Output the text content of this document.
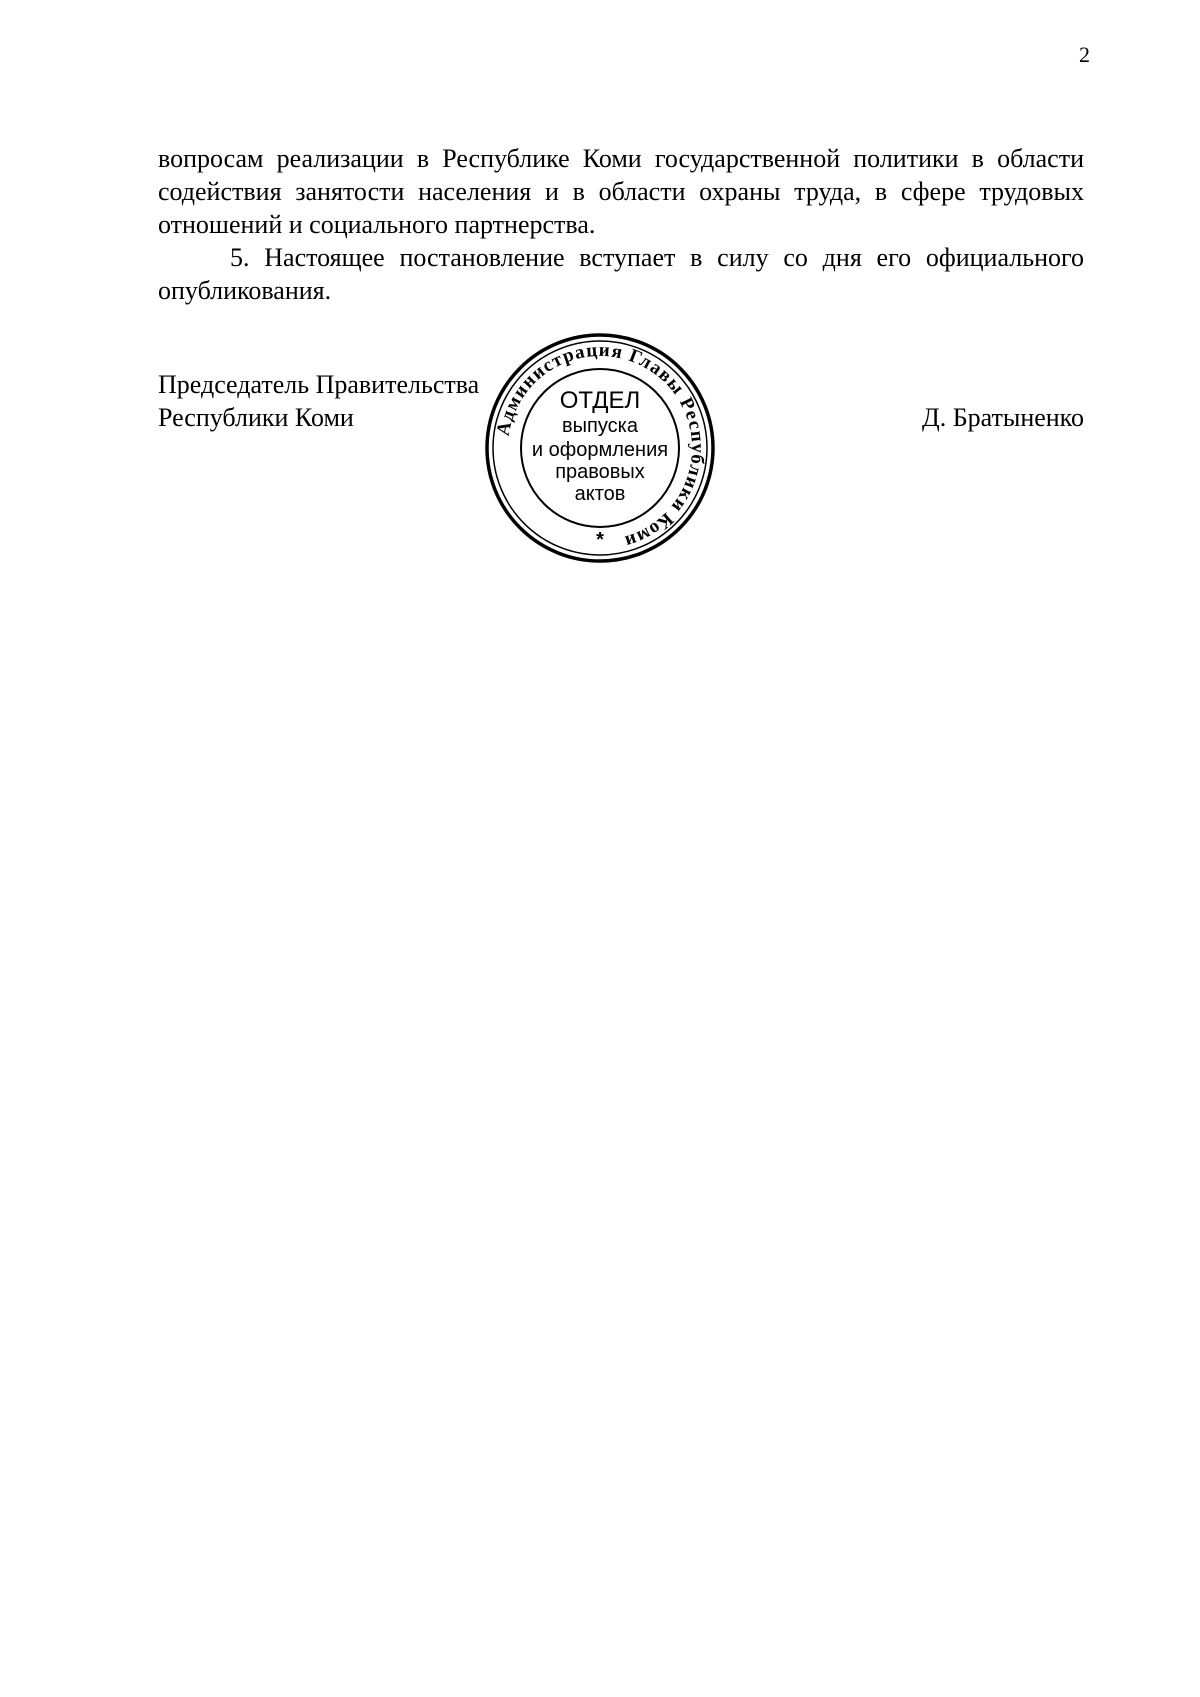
2

вопросам реализации в Республике Коми государственной политики в области содействия занятости населения и в области охраны труда, в сфере трудовых отношений и социального партнерства.

5. Настоящее постановление вступает в силу со дня его официального опубликования.

Председатель Правительства
Республики Коми	Д. Братыненко
Администрация Главы Республики Коми
ОТДЕЛ
выпуска
и оформления
правовых
актов
*
